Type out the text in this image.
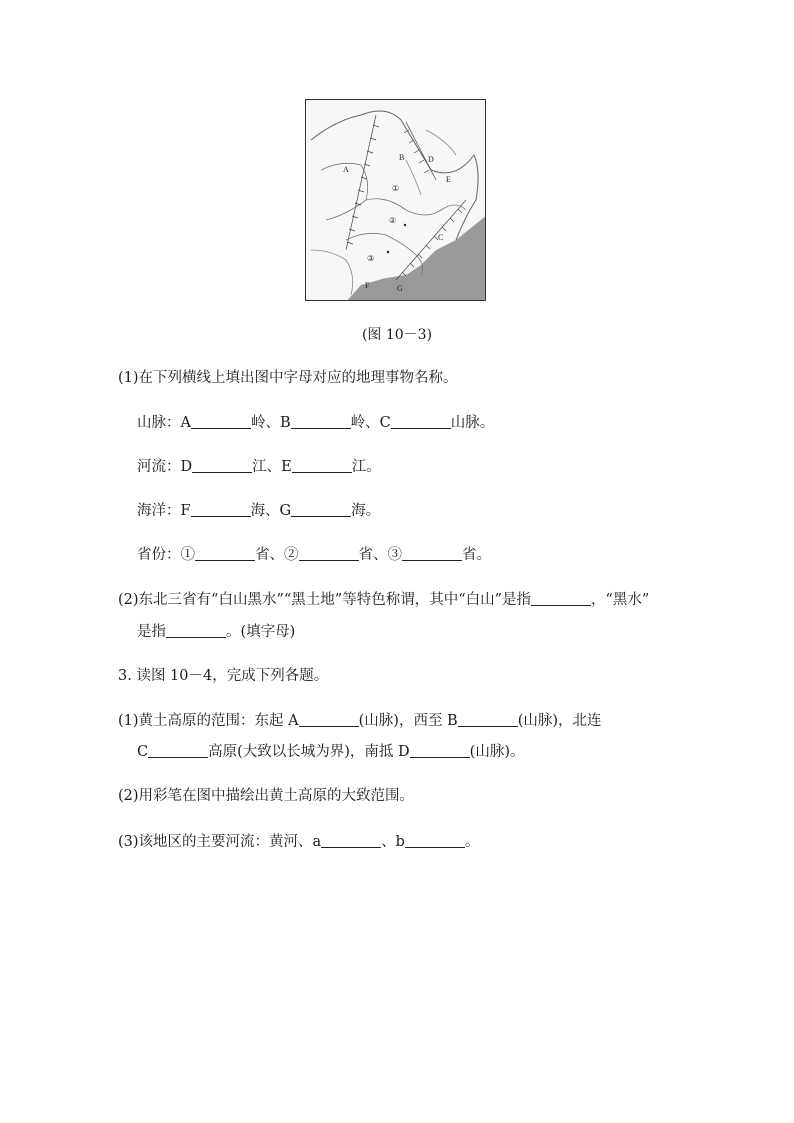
A
B	D
E
C
F	G
①
②
③
(图 10－3)
(1)在下列横线上填出图中字母对应的地理事物名称。
山脉：A	岭、B	岭、C	山脉。
河流：D	江、E	江。
海洋：F	海、G	海。
省份：①	省、②	省、③	省。
(2)东北三省有“白山黑水”“黑土地”等特色称谓，其中“白山”是指	，“黑水”
是指	。(填字母)
3. 读图 10－4，完成下列各题。
(1)黄土高原的范围：东起 A	(山脉)，西至 B	(山脉)，北连
C	高原(大致以长城为界)，南抵 D	(山脉)。
(2)用彩笔在图中描绘出黄土高原的大致范围。
(3)该地区的主要河流：黄河、a	、b	。
